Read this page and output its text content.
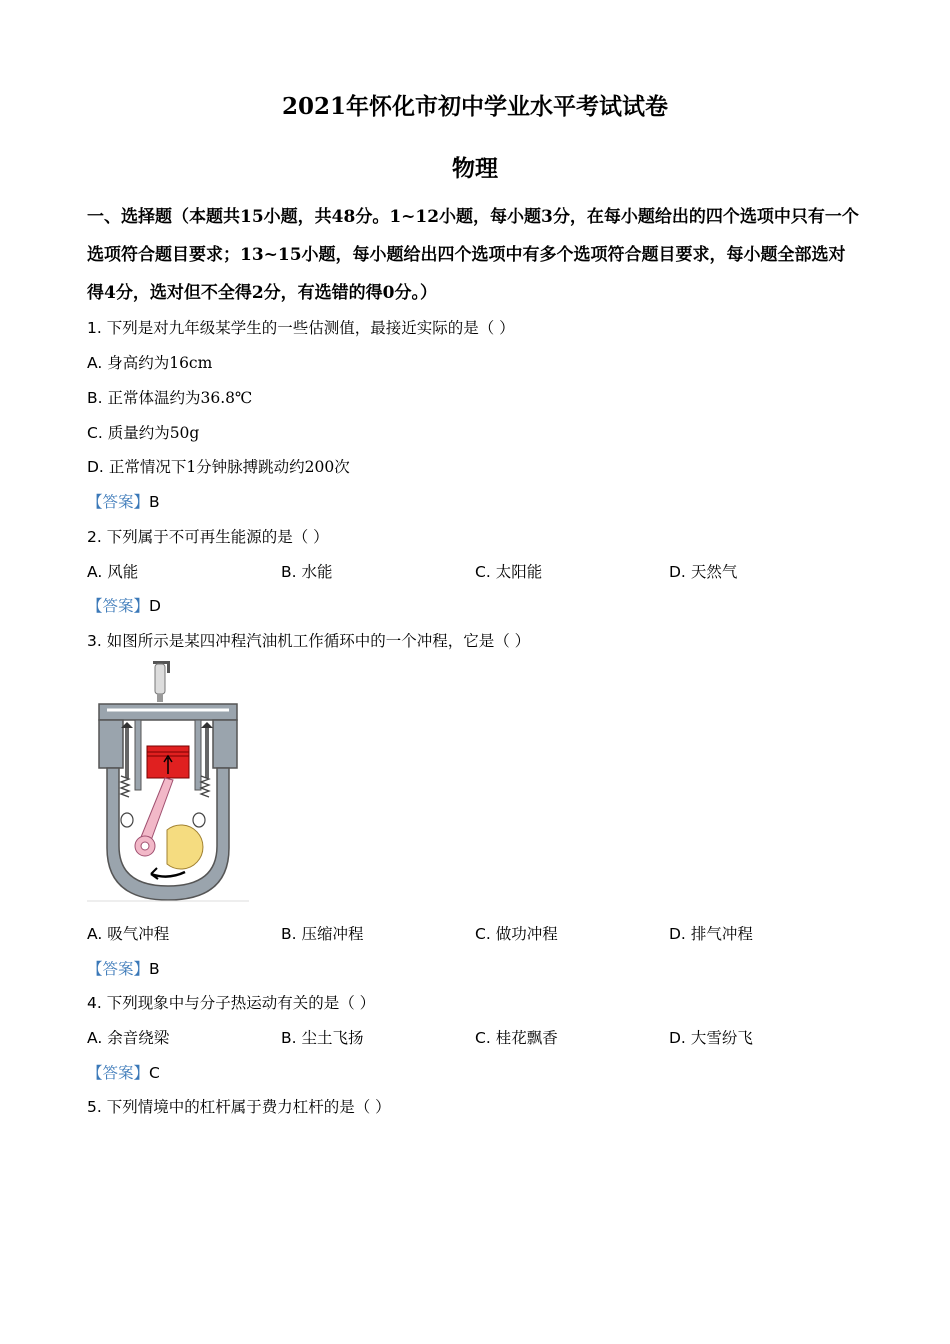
2021年怀化市初中学业水平考试试卷
物理
一、选择题（本题共15小题，共48分。1~12小题，每小题3分，在每小题给出的四个选项中只有一个选项符合题目要求；13~15小题，每小题给出四个选项中有多个选项符合题目要求，每小题全部选对得4分，选对但不全得2分，有选错的得0分。）
1. 下列是对九年级某学生的一些估测值，最接近实际的是（ ）
A. 身高约为16cm
B. 正常体温约为36.8℃
C. 质量约为50g
D. 正常情况下1分钟脉搏跳动约200次
【答案】B
2. 下列属于不可再生能源的是（ ）
A. 风能	B. 水能	C. 太阳能	D. 天然气
【答案】D
3. 如图所示是某四冲程汽油机工作循环中的一个冲程，它是（ ）
A. 吸气冲程	B. 压缩冲程	C. 做功冲程	D. 排气冲程
【答案】B
4. 下列现象中与分子热运动有关的是（ ）
A. 余音绕梁	B. 尘土飞扬	C. 桂花飘香	D. 大雪纷飞
【答案】C
5. 下列情境中的杠杆属于费力杠杆的是（ ）
